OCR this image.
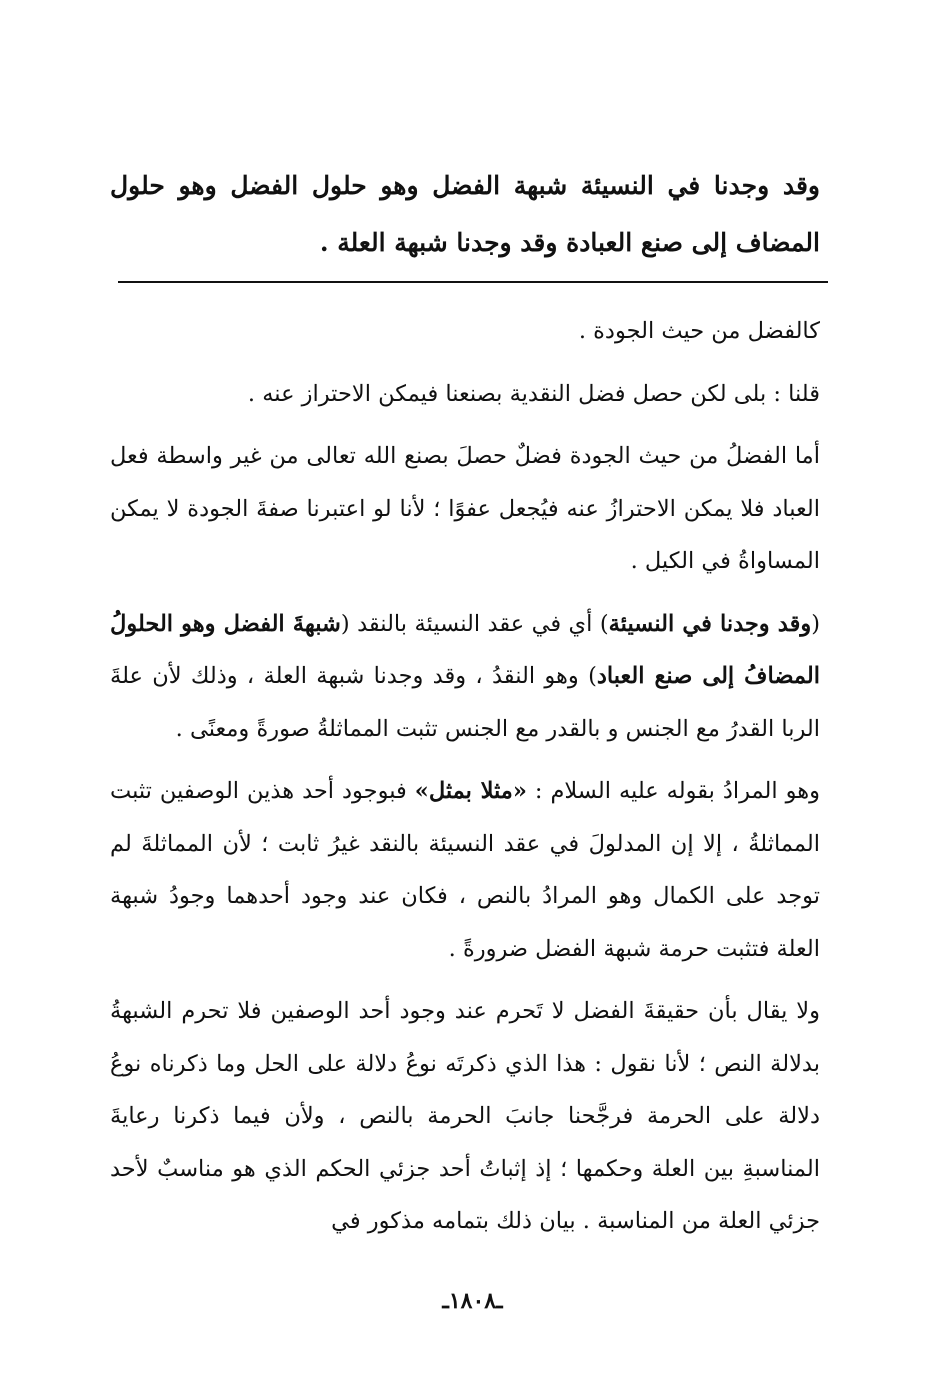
وقد وجدنا في النسيئة شبهة الفضل وهو حلول الفضل وهو حلول المضاف إلى صنع العبادة وقد وجدنا شبهة العلة .

كالفضل من حيث الجودة .

قلنا : بلى لكن حصل فضل النقدية بصنعنا فيمكن الاحتراز عنه .

أما الفضلُ من حيث الجودة فضلٌ حصلَ بصنع الله تعالى من غير واسطة فعل العباد فلا يمكن الاحترازُ عنه فيُجعل عفوًا ؛ لأنا لو اعتبرنا صفةَ الجودة لا يمكن المساواةُ في الكيل .

(وقد وجدنا في النسيئة) أي في عقد النسيئة بالنقد (شبهةَ الفضل وهو الحلولُ المضافُ إلى صنع العباد) وهو النقدُ ، وقد وجدنا شبهة العلة ، وذلك لأن علةَ الربا القدرُ مع الجنس و بالقدر مع الجنس تثبت المماثلةُ صورةً ومعنًى .

وهو المرادُ بقوله عليه السلام : «مثلا بمثل» فبوجود أحد هذين الوصفين تثبت المماثلةُ ، إلا إن المدلولَ في عقد النسيئة بالنقد غيرُ ثابت ؛ لأن المماثلةَ لم توجد على الكمال وهو المرادُ بالنص ، فكان عند وجود أحدهما وجودُ شبهة العلة فتثبت حرمة شبهة الفضل ضرورةً .

ولا يقال بأن حقيقةَ الفضل لا تَحرم عند وجود أحد الوصفين فلا تحرم الشبهةُ بدلالة النص ؛ لأنا نقول : هذا الذي ذكرتَه نوعُ دلالة على الحل وما ذكرناه نوعُ دلالة على الحرمة فرجَّحنا جانبَ الحرمة بالنص ، ولأن فيما ذكرنا رعايةَ المناسبةِ بين العلة وحكمها ؛ إذ إثباتُ أحد جزئي الحكم الذي هو مناسبٌ لأحد جزئي العلة من المناسبة . بيان ذلك بتمامه مذكور في

ـ١٨٠٨ـ
